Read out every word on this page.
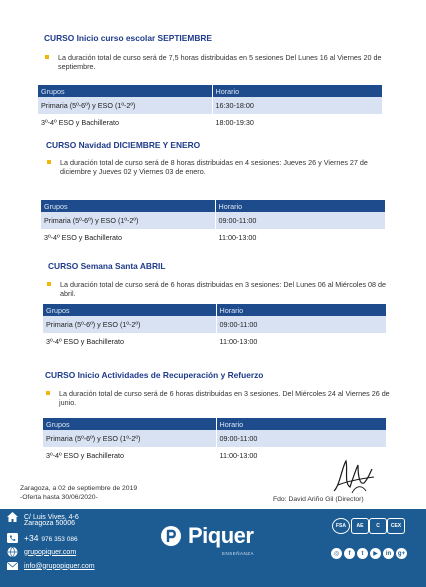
CURSO Inicio curso escolar SEPTIEMBRE
La duración total de curso será de 7,5 horas distribuidas en 5 sesiones Del Lunes 16 al Viernes 20 de septiembre.
Grupos	Horario
Primaria (5º-6º) y ESO (1º-2º)	16:30-18:00
3º-4º ESO y Bachillerato	18:00-19:30
CURSO Navidad DICIEMBRE Y ENERO
La duración total de curso será de 8 horas distribuidas en 4 sesiones: Jueves 26 y Viernes 27 de diciembre y Jueves 02 y Viernes 03 de enero.
Grupos	Horario
Primaria (5º-6º) y ESO (1º-2º)	09:00-11:00
3º-4º ESO y Bachillerato	11:00-13:00
CURSO Semana Santa ABRIL
La duración total de curso será de 6 horas distribuidas en 3 sesiones: Del Lunes 06 al Miércoles 08 de abril.
Grupos	Horario
Primaria (5º-6º) y ESO (1º-2º)	09:00-11:00
3º-4º ESO y Bachillerato	11:00-13:00
CURSO Inicio Actividades de Recuperación y Refuerzo
La duración total de curso será de 6 horas distribuidas en 3 sesiones. Del Miércoles 24 al Viernes 26 de junio.
Grupos	Horario
Primaria (5º-6º) y ESO (1º-2º)	09:00-11:00
3º-4º ESO y Bachillerato	11:00-13:00
Zaragoza, a 02 de septiembre de 2019
-Oferta hasta 30/06/2020-	Fdo: David Ariño Gil (Director)
C/ Luis Vives, 4-6
Zaragoza 50006
+34 976 353 086
grupopiquer.com
info@grupopiquer.com
Piquer
ENSEÑANZA
FSA	AE	C	CEX
◎	f	t	▶	in	g+
